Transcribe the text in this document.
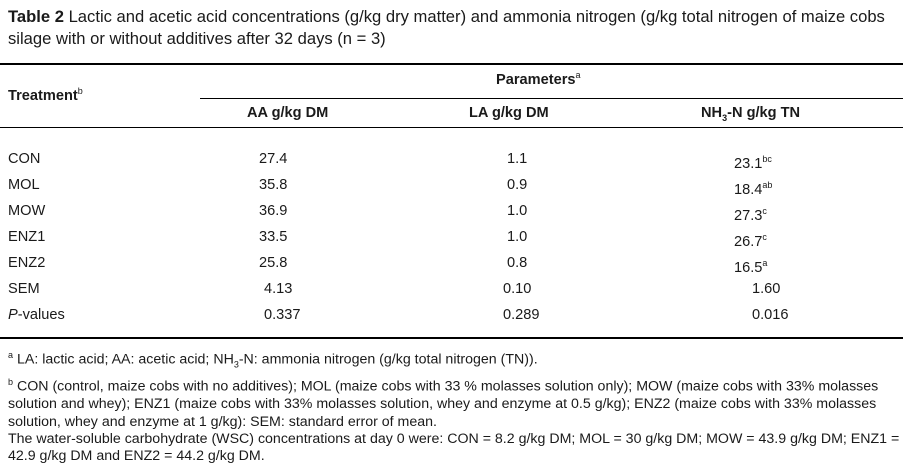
Table 2 Lactic and acetic acid concentrations (g/kg dry matter) and ammonia nitrogen (g/kg total nitrogen of maize cobs silage with or without additives after 32 days (n = 3)
Treatment$^b$
Parameters$^a$
AA g/kg DM	LA g/kg DM	$NH_3-N$ g/kg TN
CON	27.4	1.1	23.1$^{bc}$
MOL	35.8	0.9	18.4$^{ab}$
MOW	36.9	1.0	27.3$^c$
ENZ1	33.5	1.0	26.7$^c$
ENZ2	25.8	0.8	16.5$^a$
SEM	4.13	0.10	1.60
P-values	0.337	0.289	0.016

$^a$ LA: lactic acid; AA: acetic acid; $NH_3-N$: ammonia nitrogen (g/kg total nitrogen (TN)).

$^b$ CON (control, maize cobs with no additives); MOL (maize cobs with 33 % molasses solution only); MOW (maize cobs with 33% molasses solution and whey); ENZ1 (maize cobs with 33% molasses solution, whey and enzyme at 0.5 g/kg); ENZ2 (maize cobs with 33% molasses solution, whey and enzyme at 1 g/kg): SEM: standard error of mean.

The water-soluble carbohydrate (WSC) concentrations at day 0 were: CON = 8.2 g/kg DM; MOL = 30 g/kg DM; MOW = 43.9 g/kg DM; ENZ1 = 42.9 g/kg DM and ENZ2 = 44.2 g/kg DM.
